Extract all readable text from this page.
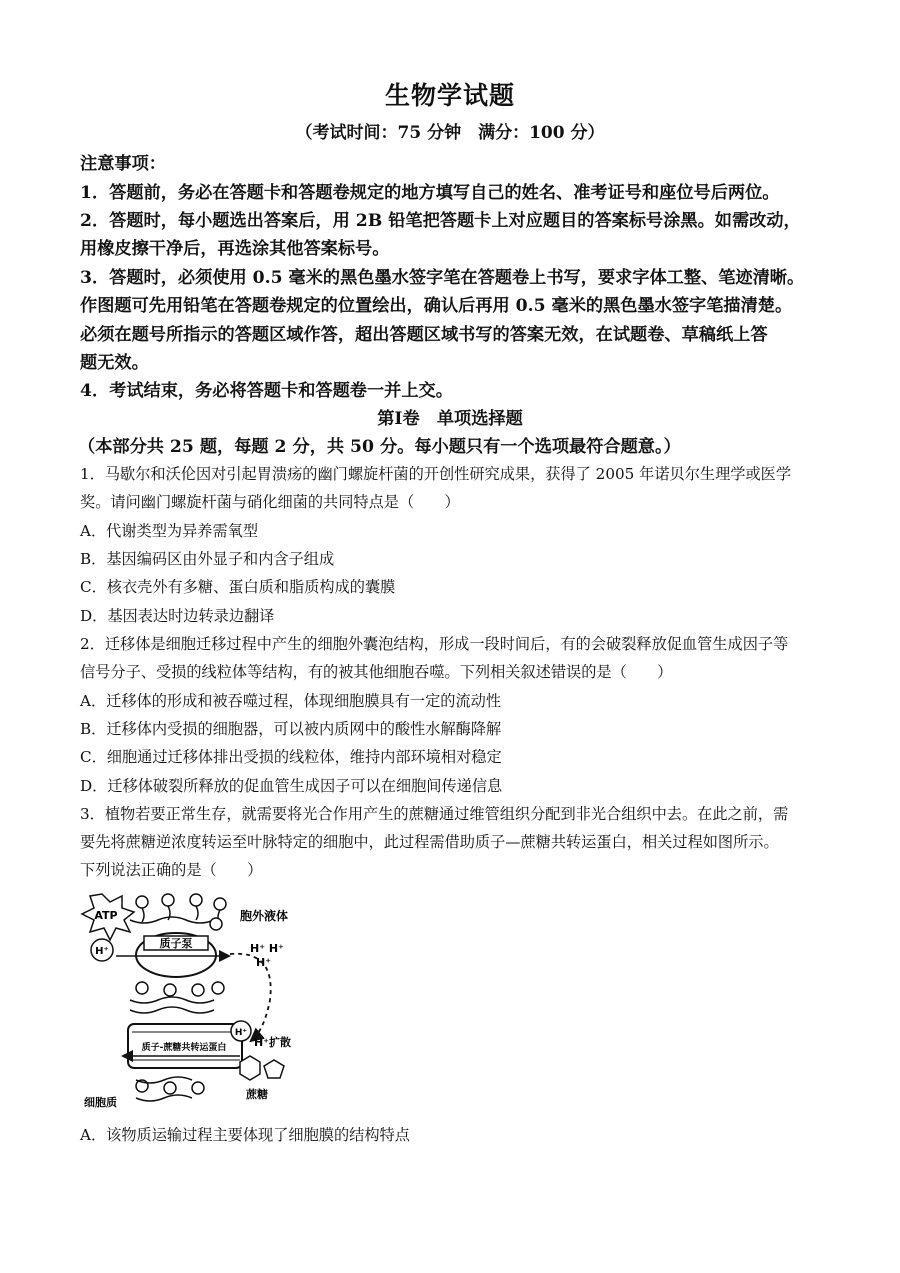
生物学试题
（考试时间：75 分钟　满分：100 分）
注意事项：
1．答题前，务必在答题卡和答题卷规定的地方填写自己的姓名、准考证号和座位号后两位。
2．答题时，每小题选出答案后，用 2B 铅笔把答题卡上对应题目的答案标号涂黑。如需改动，
用橡皮擦干净后，再选涂其他答案标号。
3．答题时，必须使用 0.5 毫米的黑色墨水签字笔在答题卷上书写，要求字体工整、笔迹清晰。
作图题可先用铅笔在答题卷规定的位置绘出，确认后再用 0.5 毫米的黑色墨水签字笔描清楚。
必须在题号所指示的答题区域作答，超出答题区域书写的答案无效，在试题卷、草稿纸上答
题无效。
4．考试结束，务必将答题卡和答题卷一并上交。
第Ⅰ卷　单项选择题
（本部分共 25 题，每题 2 分，共 50 分。每小题只有一个选项最符合题意。）
1．马歇尔和沃伦因对引起胃溃疡的幽门螺旋杆菌的开创性研究成果，获得了 2005 年诺贝尔生理学或医学
奖。请问幽门螺旋杆菌与硝化细菌的共同特点是（　　）
A．代谢类型为异养需氧型
B．基因编码区由外显子和内含子组成
C．核衣壳外有多糖、蛋白质和脂质构成的囊膜
D．基因表达时边转录边翻译
2．迁移体是细胞迁移过程中产生的细胞外囊泡结构，形成一段时间后，有的会破裂释放促血管生成因子等
信号分子、受损的线粒体等结构，有的被其他细胞吞噬。下列相关叙述错误的是（　　）
A．迁移体的形成和被吞噬过程，体现细胞膜具有一定的流动性
B．迁移体内受损的细胞器，可以被内质网中的酸性水解酶降解
C．细胞通过迁移体排出受损的线粒体，维持内部环境相对稳定
D．迁移体破裂所释放的促血管生成因子可以在细胞间传递信息
3．植物若要正常生存，就需要将光合作用产生的蔗糖通过维管组织分配到非光合组织中去。在此之前，需
要先将蔗糖逆浓度转运至叶脉特定的细胞中，此过程需借助质子—蔗糖共转运蛋白，相关过程如图所示。
下列说法正确的是（　　）
ATP
H⁺
质子泵
胞外液体
H⁺ H⁺
H⁺
质子-蔗糖共转运蛋白
H⁺
H⁺扩散
蔗糖
细胞质
A．该物质运输过程主要体现了细胞膜的结构特点
